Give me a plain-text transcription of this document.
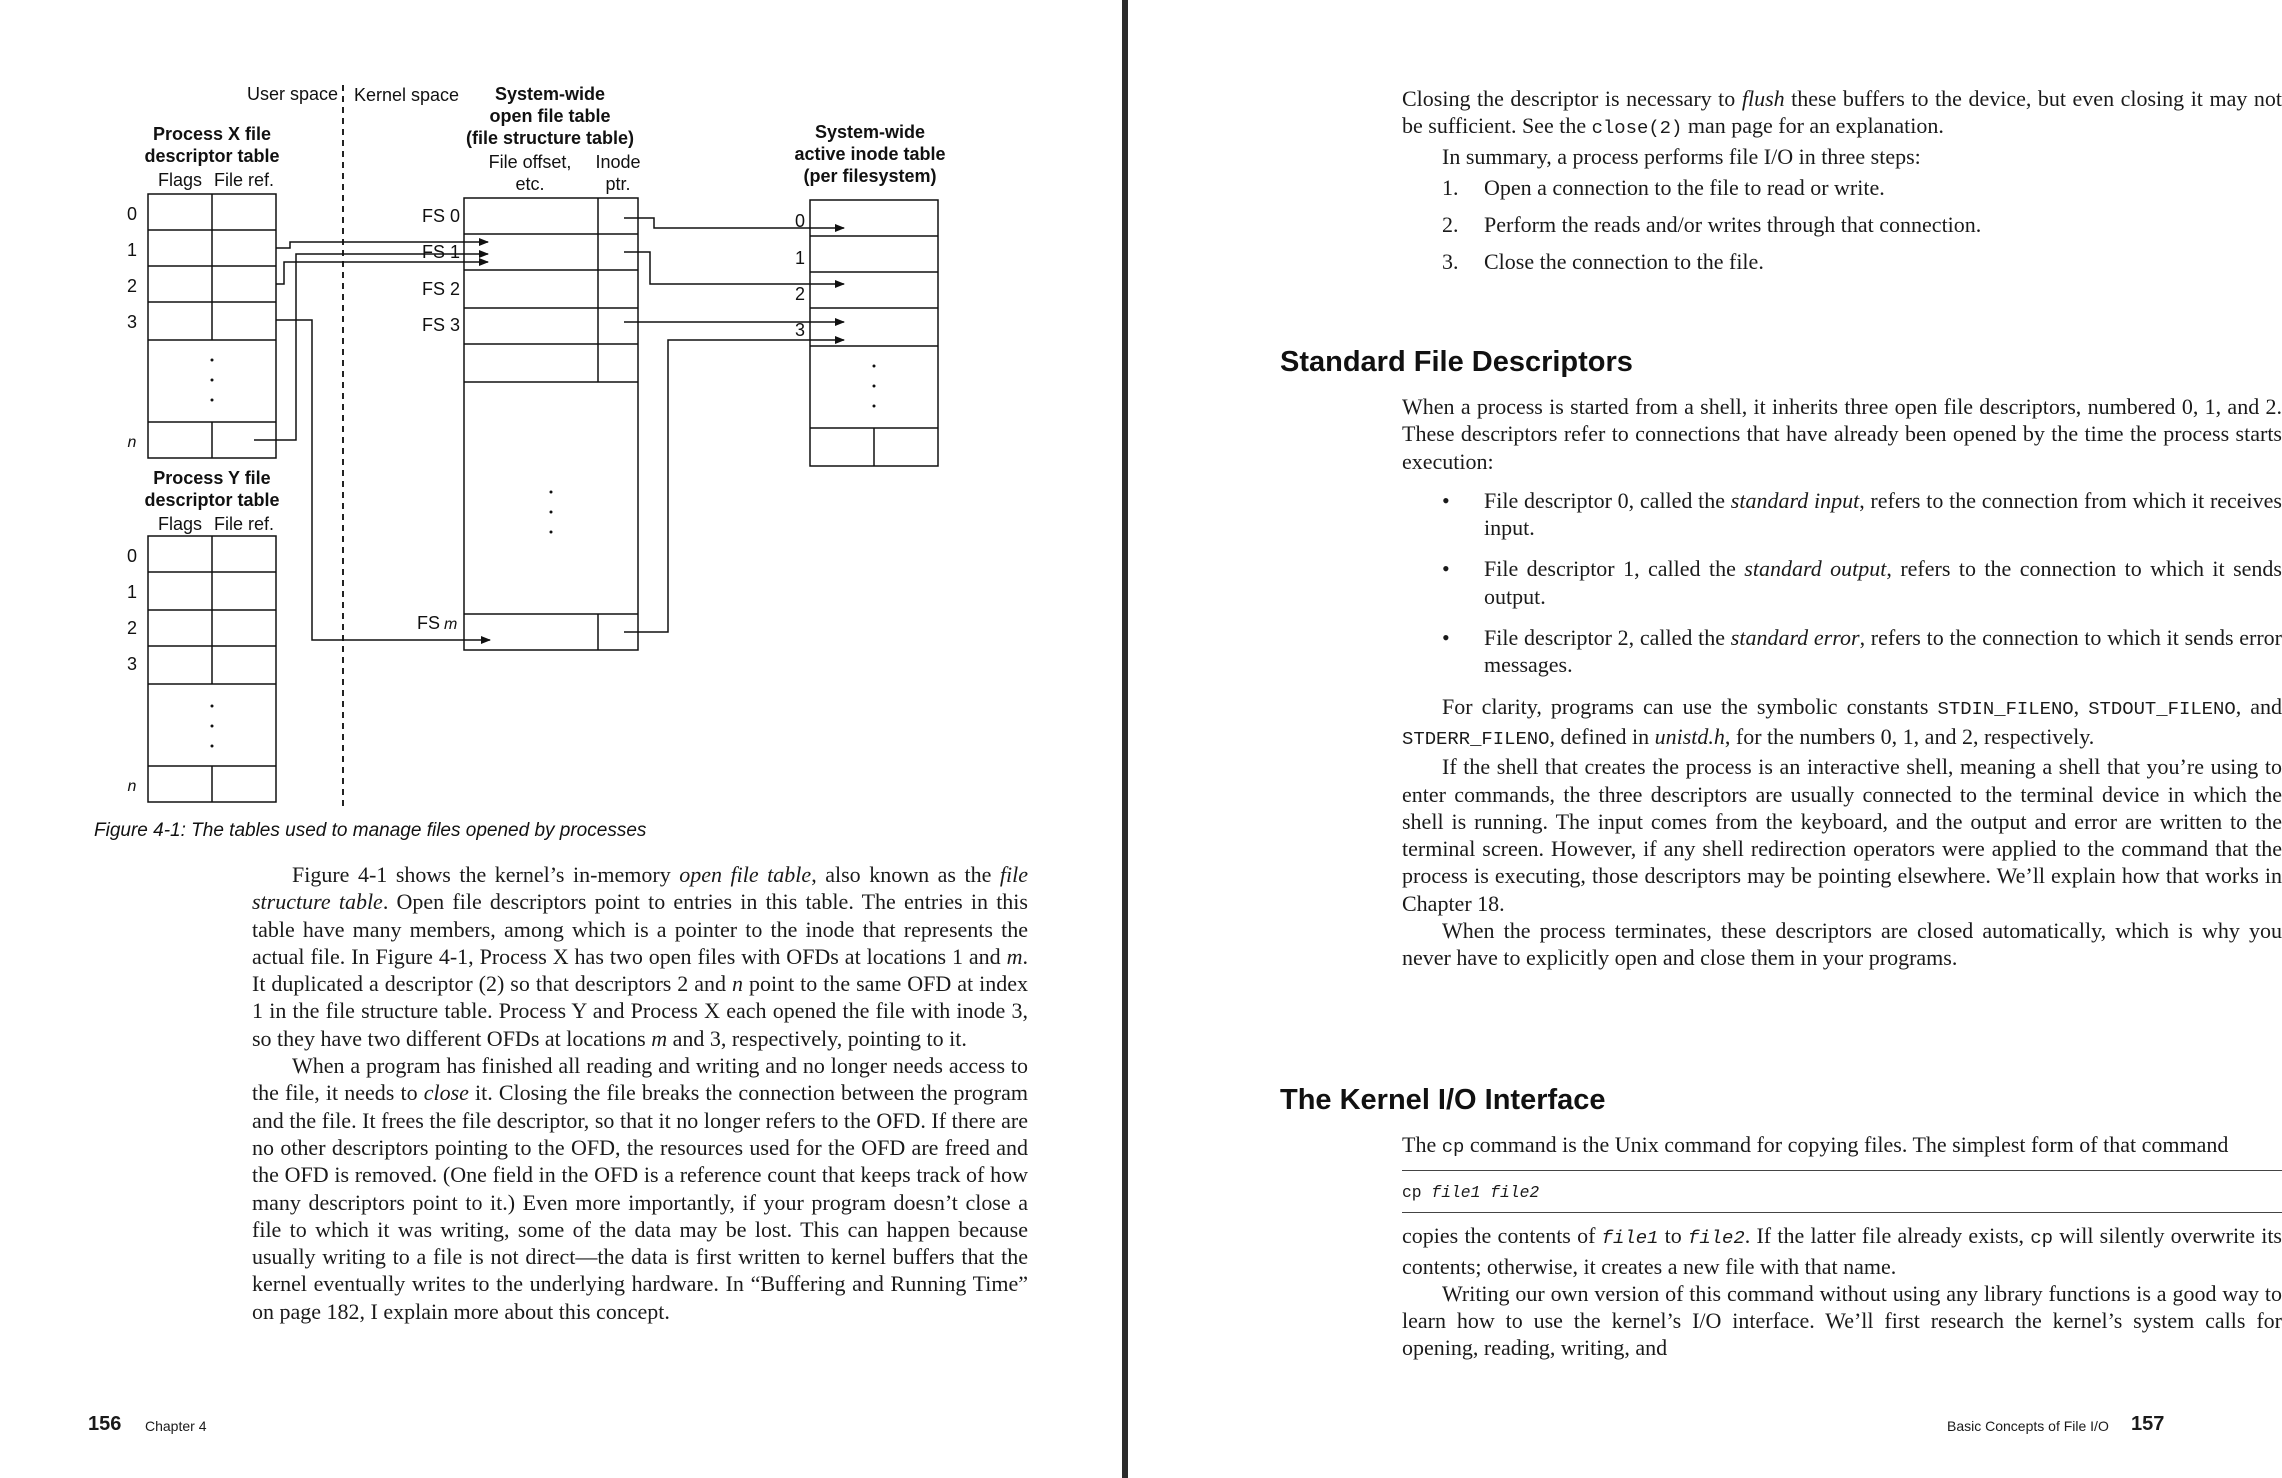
User space Kernel space
Process X file
descriptor table
Flags File ref.
0
1
2
3
n
Process Y file
descriptor table
Flags File ref.
0
1
2
3
n
System-wide
open file table
(file structure table)
File offset,
etc.
Inode
ptr.
FS 0
FS 1
FS 2
FS 3
FS m
System-wide
active inode table
(per filesystem)
0
1
2
3
Figure 4-1: The tables used to manage files opened by processes

Figure 4-1 shows the kernel’s in-memory open file table, also known as the file structure table. Open file descriptors point to entries in this table. The entries in this table have many members, among which is a pointer to the inode that represents the actual file. In Figure 4-1, Process X has two open files with OFDs at locations 1 and m. It duplicated a descriptor (2) so that descriptors 2 and n point to the same OFD at index 1 in the file structure table. Process Y and Process X each opened the file with inode 3, so they have two different OFDs at locations m and 3, respectively, pointing to it.

When a program has finished all reading and writing and no longer needs access to the file, it needs to close it. Closing the file breaks the connection between the program and the file. It frees the file descriptor, so that it no longer refers to the OFD. If there are no other descriptors pointing to the OFD, the resources used for the OFD are freed and the OFD is removed. (One field in the OFD is a reference count that keeps track of how many descriptors point to it.) Even more importantly, if your program doesn’t close a file to which it was writing, some of the data may be lost. This can happen because usually writing to a file is not direct—the data is first written to kernel buffers that the kernel eventually writes to the underlying hardware. In “Buffering and Running Time” on page 182, I explain more about this concept.

156 Chapter 4

Closing the descriptor is necessary to flush these buffers to the device, but even closing it may not be sufficient. See the close(2) man page for an explanation.

In summary, a process performs file I/O in three steps:

1. Open a connection to the file to read or write.
2. Perform the reads and/or writes through that connection.
3. Close the connection to the file.
Standard File Descriptors

When a process is started from a shell, it inherits three open file descriptors, numbered 0, 1, and 2. These descriptors refer to connections that have already been opened by the time the process starts execution:

• File descriptor 0, called the standard input, refers to the connection from which it receives input.
• File descriptor 1, called the standard output, refers to the connection to which it sends output.
• File descriptor 2, called the standard error, refers to the connection to which it sends error messages.

For clarity, programs can use the symbolic constants STDIN_FILENO, STDOUT_FILENO, and STDERR_FILENO, defined in unistd.h, for the numbers 0, 1, and 2, respectively.

If the shell that creates the process is an interactive shell, meaning a shell that you’re using to enter commands, the three descriptors are usually connected to the terminal device in which the shell is running. The input comes from the keyboard, and the output and error are written to the terminal screen. However, if any shell redirection operators were applied to the command that the process is executing, those descriptors may be pointing elsewhere. We’ll explain how that works in Chapter 18.

When the process terminates, these descriptors are closed automatically, which is why you never have to explicitly open and close them in your programs.

The Kernel I/O Interface

The cp command is the Unix command for copying files. The simplest form of that command

cp file1 file2

copies the contents of file1 to file2. If the latter file already exists, cp will silently overwrite its contents; otherwise, it creates a new file with that name.

Writing our own version of this command without using any library functions is a good way to learn how to use the kernel’s I/O interface. We’ll first research the kernel’s system calls for opening, reading, writing, and

Basic Concepts of File I/O 157
